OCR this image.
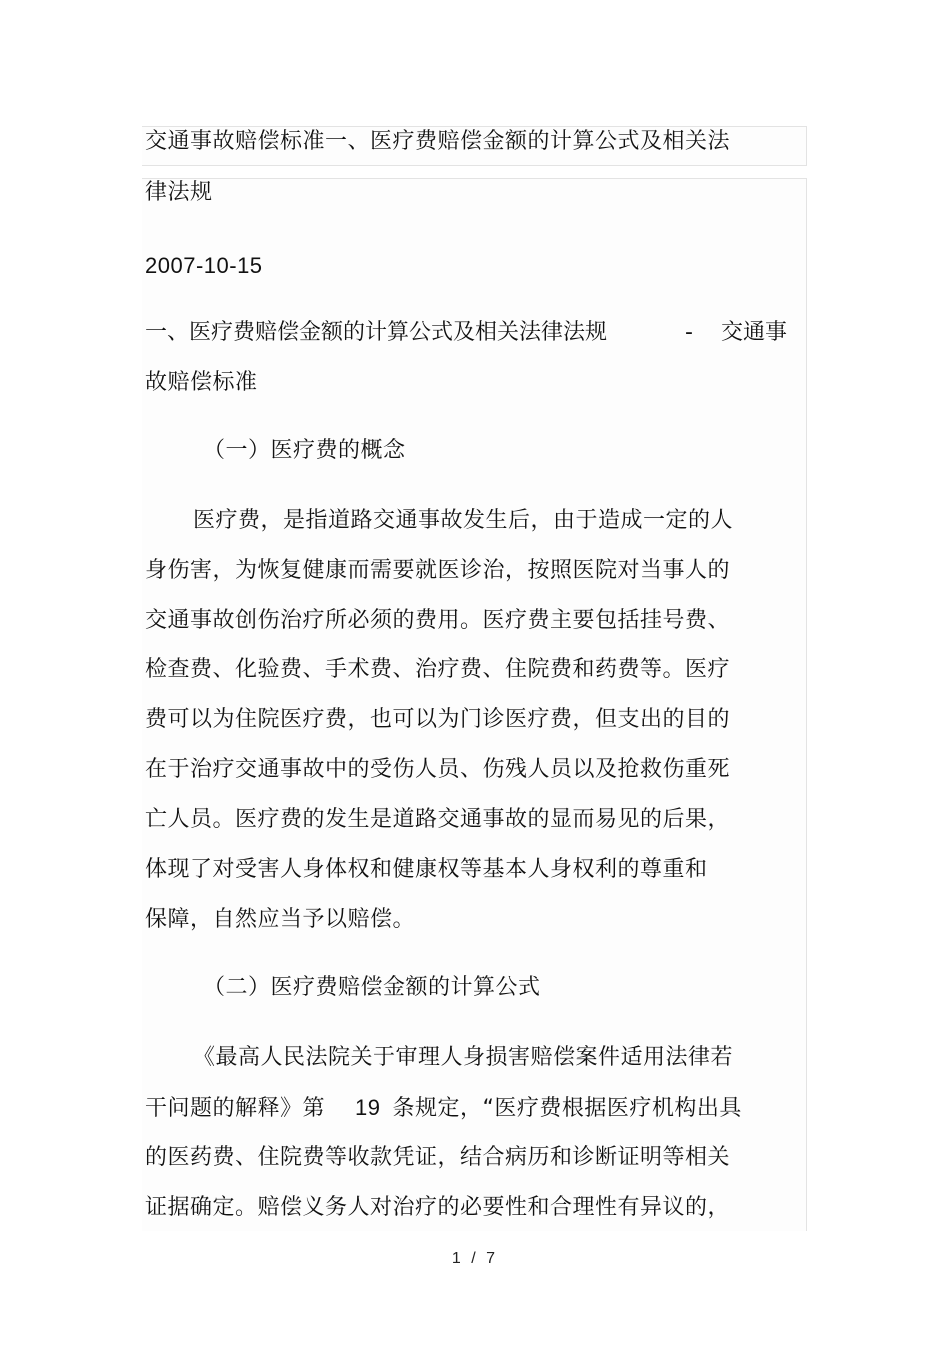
交通事故赔偿标准一、医疗费赔偿金额的计算公式及相关法
律法规
2007-10-15
一、医疗费赔偿金额的计算公式及相关法律法规	- 交通事
故赔偿标准
（一）医疗费的概念
医疗费，是指道路交通事故发生后，由于造成一定的人
身伤害，为恢复健康而需要就医诊治，按照医院对当事人的
交通事故创伤治疗所必须的费用。医疗费主要包括挂号费、
检查费、化验费、手术费、治疗费、住院费和药费等。医疗
费可以为住院医疗费，也可以为门诊医疗费，但支出的目的
在于治疗交通事故中的受伤人员、伤残人员以及抢救伤重死
亡人员。医疗费的发生是道路交通事故的显而易见的后果，
体现了对受害人身体权和健康权等基本人身权利的尊重和
保障，自然应当予以赔偿。
（二）医疗费赔偿金额的计算公式
《最高人民法院关于审理人身损害赔偿案件适用法律若
干问题的解释》第 19 条规定，“医疗费根据医疗机构出具
的医药费、住院费等收款凭证，结合病历和诊断证明等相关
证据确定。赔偿义务人对治疗的必要性和合理性有异议的，
1 / 7
